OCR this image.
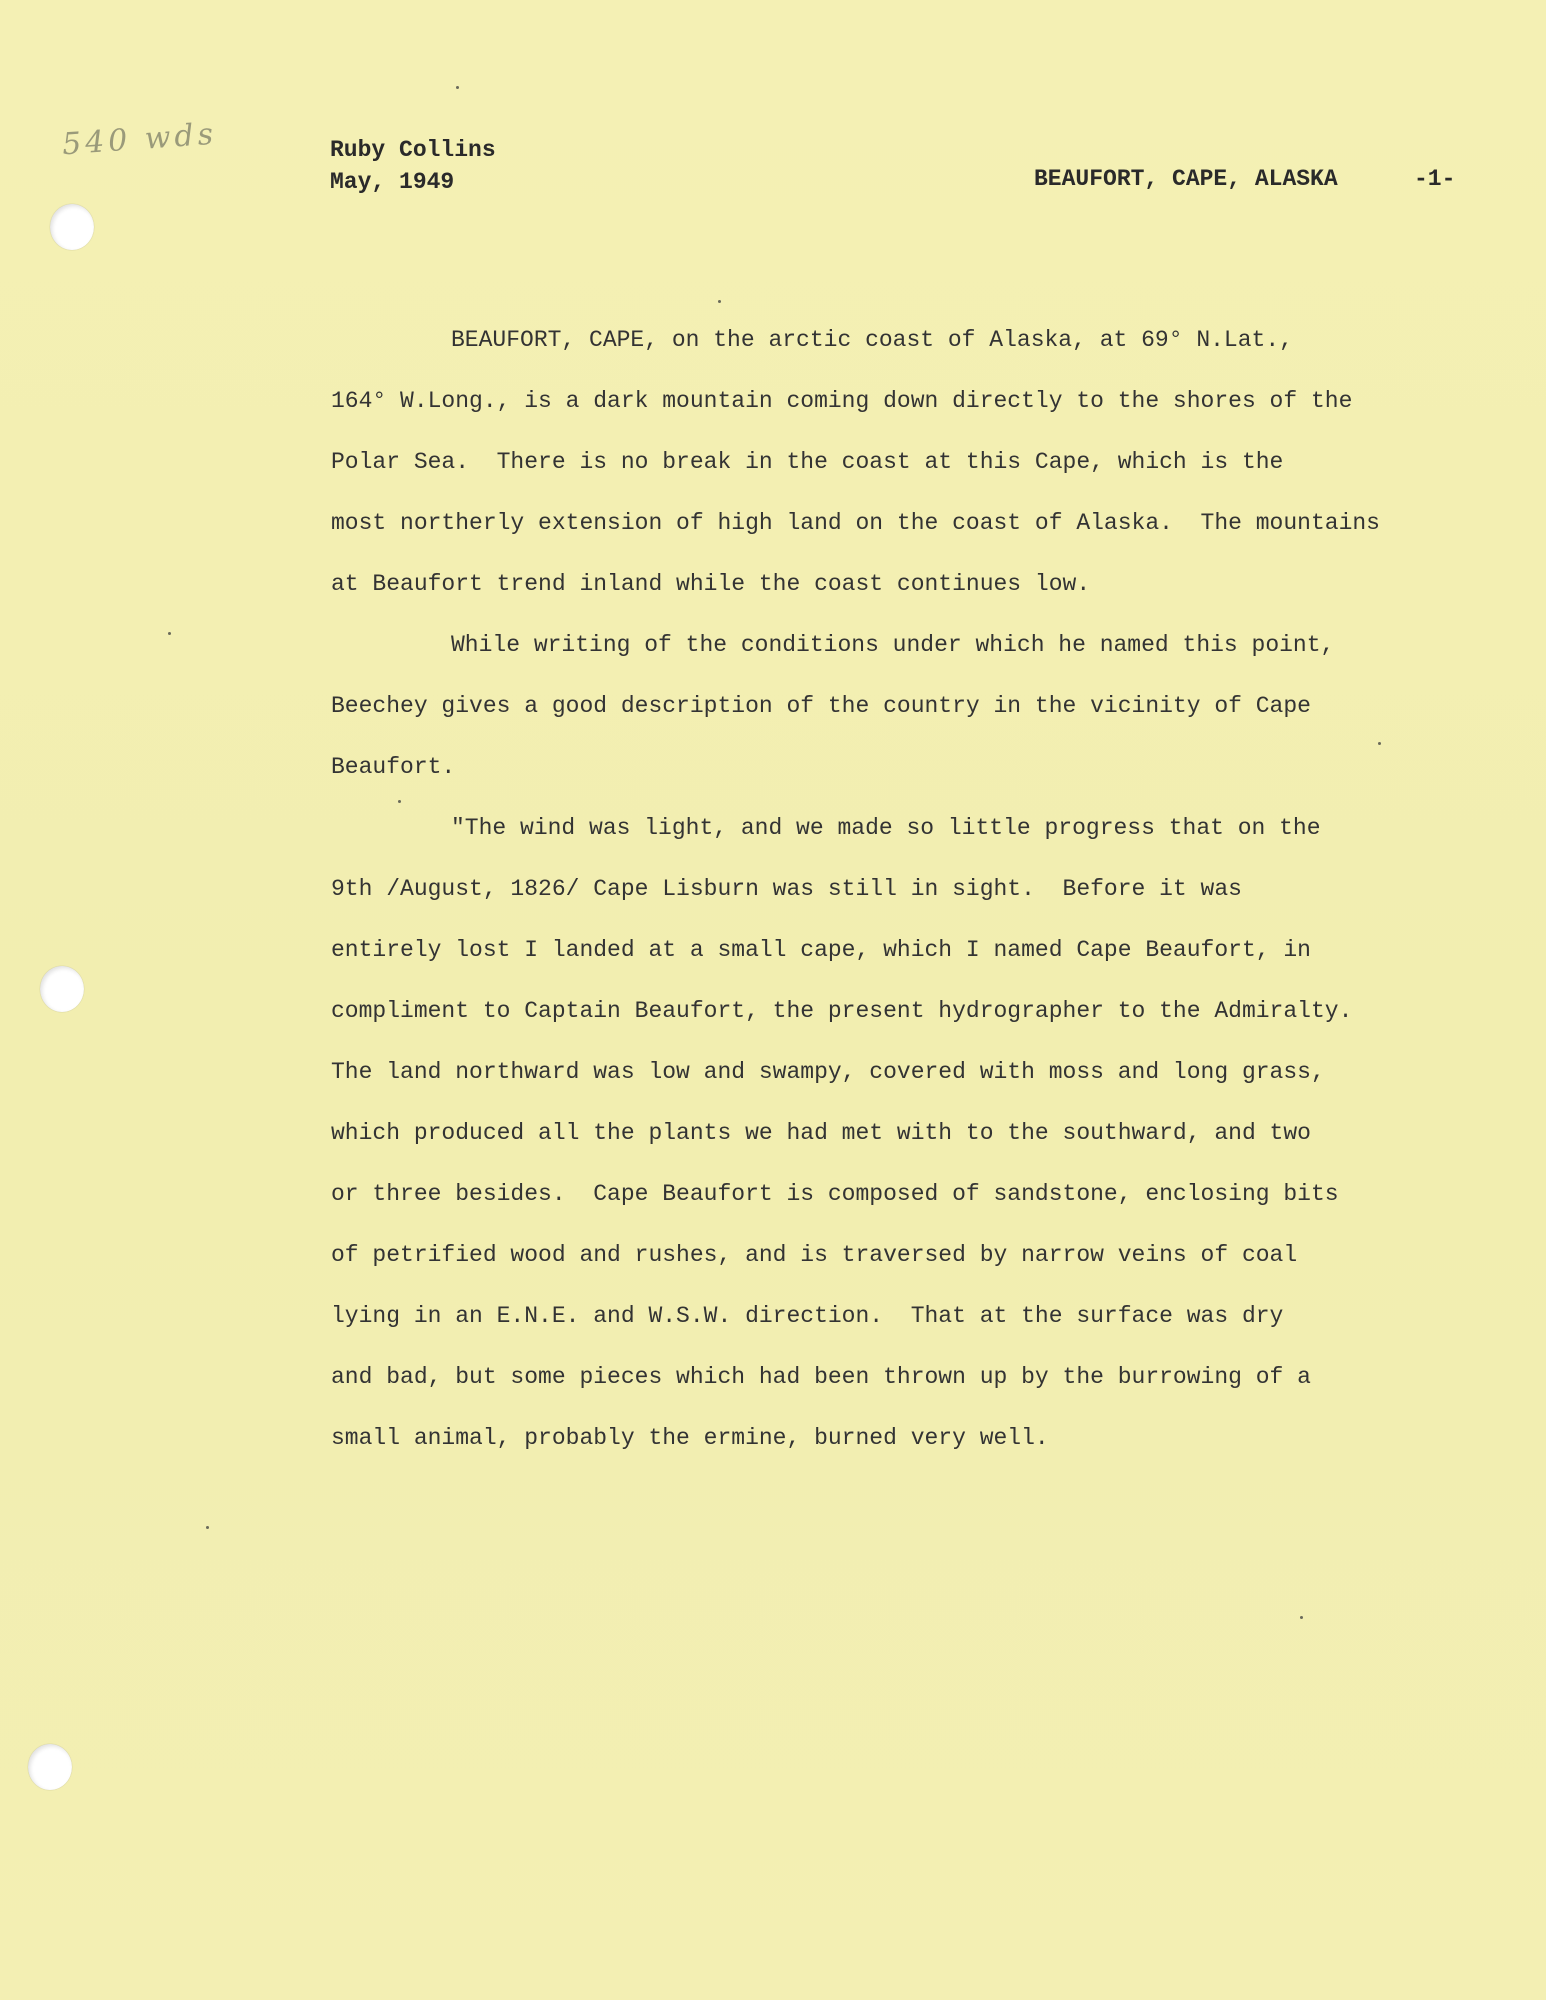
540 wds	Ruby Collins
May, 1949	BEAUFORT, CAPE, ALASKA	-1-
BEAUFORT, CAPE, on the arctic coast of Alaska, at 69° N.Lat.,
164° W.Long., is a dark mountain coming down directly to the shores of the
Polar Sea.  There is no break in the coast at this Cape, which is the
most northerly extension of high land on the coast of Alaska.  The mountains
at Beaufort trend inland while the coast continues low.
While writing of the conditions under which he named this point,
Beechey gives a good description of the country in the vicinity of Cape
Beaufort.
"The wind was light, and we made so little progress that on the
9th /August, 1826/ Cape Lisburn was still in sight.  Before it was
entirely lost I landed at a small cape, which I named Cape Beaufort, in
compliment to Captain Beaufort, the present hydrographer to the Admiralty.
The land northward was low and swampy, covered with moss and long grass,
which produced all the plants we had met with to the southward, and two
or three besides.  Cape Beaufort is composed of sandstone, enclosing bits
of petrified wood and rushes, and is traversed by narrow veins of coal
lying in an E.N.E. and W.S.W. direction.  That at the surface was dry
and bad, but some pieces which had been thrown up by the burrowing of a
small animal, probably the ermine, burned very well.
